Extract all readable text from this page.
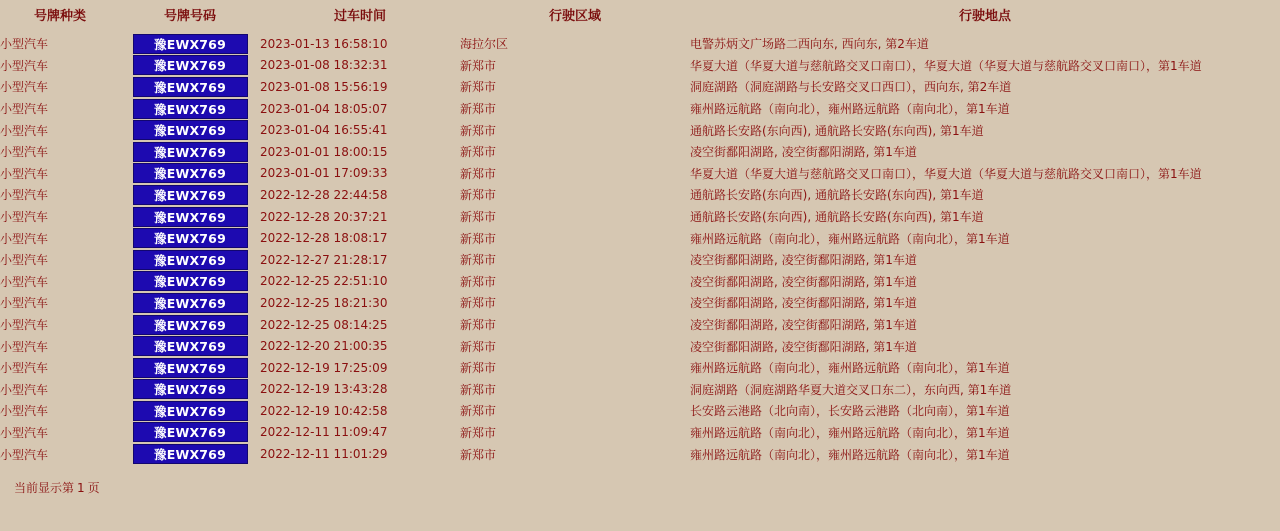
号牌种类	号牌号码	过车时间	行驶区域	行驶地点
小型汽车	豫EWX769	2023-01-13 16:58:10	海拉尔区	电警苏炳文广场路二西向东, 西向东, 第2车道
小型汽车	豫EWX769	2023-01-08 18:32:31	新郑市	华夏大道（华夏大道与慈航路交叉口南口），华夏大道（华夏大道与慈航路交叉口南口），第1车道
小型汽车	豫EWX769	2023-01-08 15:56:19	新郑市	洞庭湖路（洞庭湖路与长安路交叉口西口），西向东, 第2车道
小型汽车	豫EWX769	2023-01-04 18:05:07	新郑市	雍州路远航路（南向北），雍州路远航路（南向北），第1车道
小型汽车	豫EWX769	2023-01-04 16:55:41	新郑市	通航路长安路(东向西), 通航路长安路(东向西), 第1车道
小型汽车	豫EWX769	2023-01-01 18:00:15	新郑市	凌空街鄱阳湖路, 凌空街鄱阳湖路, 第1车道
小型汽车	豫EWX769	2023-01-01 17:09:33	新郑市	华夏大道（华夏大道与慈航路交叉口南口），华夏大道（华夏大道与慈航路交叉口南口），第1车道
小型汽车	豫EWX769	2022-12-28 22:44:58	新郑市	通航路长安路(东向西), 通航路长安路(东向西), 第1车道
小型汽车	豫EWX769	2022-12-28 20:37:21	新郑市	通航路长安路(东向西), 通航路长安路(东向西), 第1车道
小型汽车	豫EWX769	2022-12-28 18:08:17	新郑市	雍州路远航路（南向北），雍州路远航路（南向北），第1车道
小型汽车	豫EWX769	2022-12-27 21:28:17	新郑市	凌空街鄱阳湖路, 凌空街鄱阳湖路, 第1车道
小型汽车	豫EWX769	2022-12-25 22:51:10	新郑市	凌空街鄱阳湖路, 凌空街鄱阳湖路, 第1车道
小型汽车	豫EWX769	2022-12-25 18:21:30	新郑市	凌空街鄱阳湖路, 凌空街鄱阳湖路, 第1车道
小型汽车	豫EWX769	2022-12-25 08:14:25	新郑市	凌空街鄱阳湖路, 凌空街鄱阳湖路, 第1车道
小型汽车	豫EWX769	2022-12-20 21:00:35	新郑市	凌空街鄱阳湖路, 凌空街鄱阳湖路, 第1车道
小型汽车	豫EWX769	2022-12-19 17:25:09	新郑市	雍州路远航路（南向北），雍州路远航路（南向北），第1车道
小型汽车	豫EWX769	2022-12-19 13:43:28	新郑市	洞庭湖路（洞庭湖路华夏大道交叉口东二），东向西, 第1车道
小型汽车	豫EWX769	2022-12-19 10:42:58	新郑市	长安路云港路（北向南），长安路云港路（北向南），第1车道
小型汽车	豫EWX769	2022-12-11 11:09:47	新郑市	雍州路远航路（南向北），雍州路远航路（南向北），第1车道
小型汽车	豫EWX769	2022-12-11 11:01:29	新郑市	雍州路远航路（南向北），雍州路远航路（南向北），第1车道
当前显示第 1 页
